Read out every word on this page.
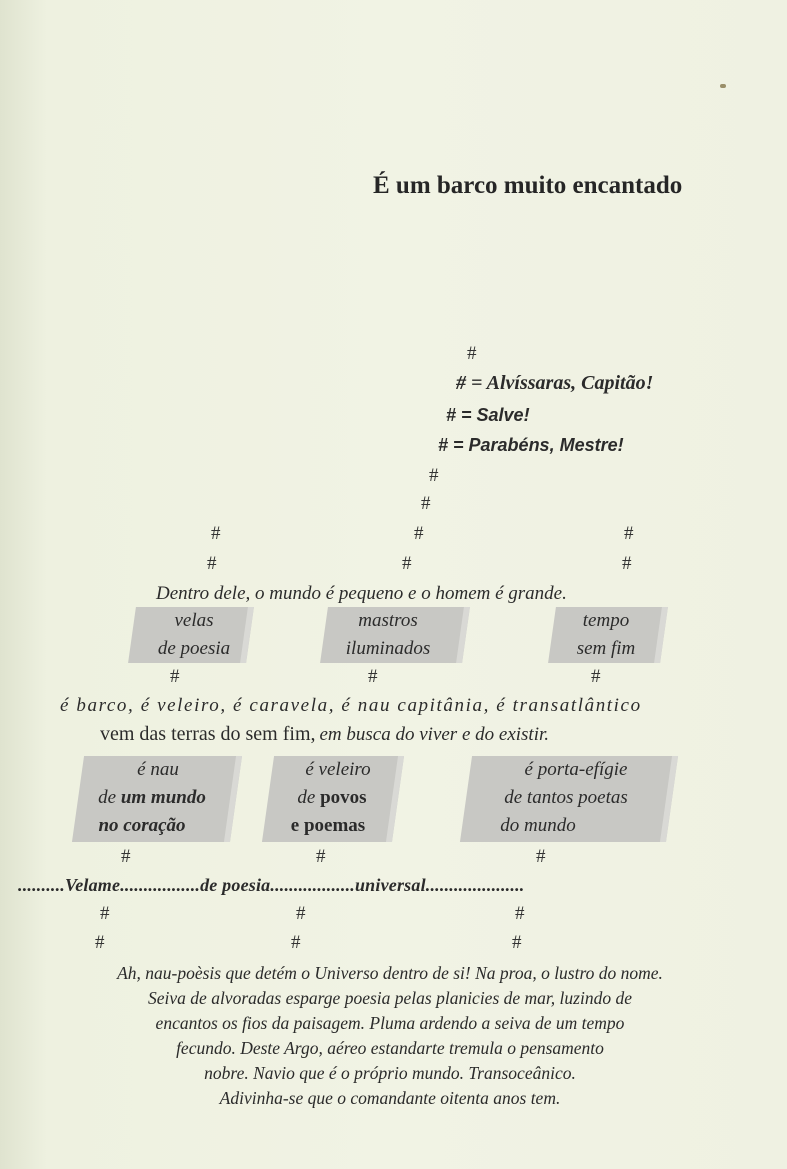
É um barco muito encantado
#
# = Alvíssaras, Capitão!
# = Salve!
# = Parabéns, Mestre!
#
#
#	#	#
#	#	#
Dentro dele, o mundo é pequeno e o homem é grande.
velas
de poesia
mastros
iluminados
tempo
sem fim
#	#	#
é barco, é veleiro, é caravela, é nau capitânia, é transatlântico
vem das terras do sem fim, em busca do viver e do existir.
é nau
de um mundo
no coração
é veleiro
de povos
e poemas
é porta-efígie
de tantos poetas
do mundo
#	#	#
..........Velame.................de poesia..................universal.....................
#	#	#
#	#	#
Ah, nau-poèsis que detém o Universo dentro de si! Na proa, o lustro do nome.
Seiva de alvoradas esparge poesia pelas planicies de mar, luzindo de
encantos os fios da paisagem. Pluma ardendo a seiva de um tempo
fecundo. Deste Argo, aéreo estandarte tremula o pensamento
nobre. Navio que é o próprio mundo. Transoceânico.
Adivinha-se que o comandante oitenta anos tem.
